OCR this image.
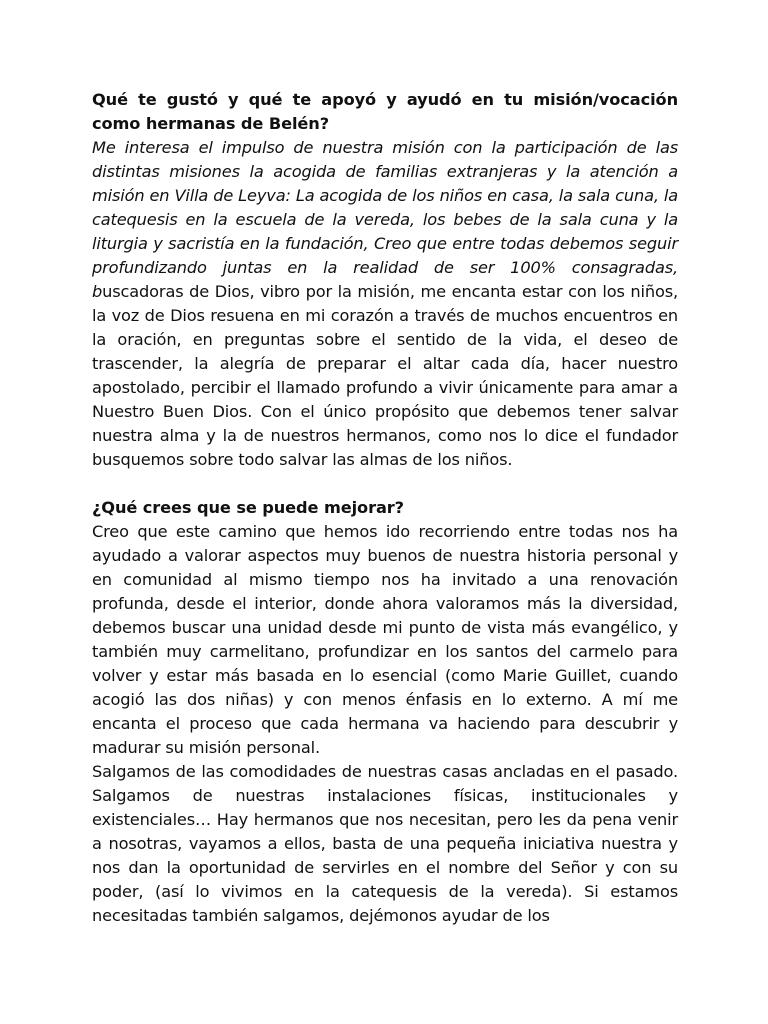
Qué te gustó y qué te apoyó y ayudó en tu misión/vocación como hermanas de Belén?

Me interesa el impulso de nuestra misión con la participación de las distintas misiones la acogida de familias extranjeras y la atención a misión en Villa de Leyva: La acogida de los niños en casa, la sala cuna, la catequesis en la escuela de la vereda, los bebes de la sala cuna y la liturgia y sacristía en la fundación, Creo que entre todas debemos seguir profundizando juntas en la realidad de ser 100% consagradas, buscadoras de Dios, vibro por la misión, me encanta estar con los niños, la voz de Dios resuena en mi corazón a través de muchos encuentros en la oración, en preguntas sobre el sentido de la vida, el deseo de trascender, la alegría de preparar el altar cada día, hacer nuestro apostolado, percibir el llamado profundo a vivir únicamente para amar a Nuestro Buen Dios. Con el único propósito que debemos tener salvar nuestra alma y la de nuestros hermanos, como nos lo dice el fundador busquemos sobre todo salvar las almas de los niños.

¿Qué crees que se puede mejorar?

Creo que este camino que hemos ido recorriendo entre todas nos ha ayudado a valorar aspectos muy buenos de nuestra historia personal y en comunidad al mismo tiempo nos ha invitado a una renovación profunda, desde el interior, donde ahora valoramos más la diversidad, debemos buscar una unidad desde mi punto de vista más evangélico, y también muy carmelitano, profundizar en los santos del carmelo para volver y estar más basada en lo esencial (como Marie Guillet, cuando acogió las dos niñas) y con menos énfasis en lo externo. A mí me encanta el proceso que cada hermana va haciendo para descubrir y madurar su misión personal.

Salgamos de las comodidades de nuestras casas ancladas en el pasado. Salgamos de nuestras instalaciones físicas, institucionales y existenciales… Hay hermanos que nos necesitan, pero les da pena venir a nosotras, vayamos a ellos, basta de una pequeña iniciativa nuestra y nos dan la oportunidad de servirles en el nombre del Señor y con su poder, (así lo vivimos en la catequesis de la vereda). Si estamos necesitadas también salgamos, dejémonos ayudar de los
